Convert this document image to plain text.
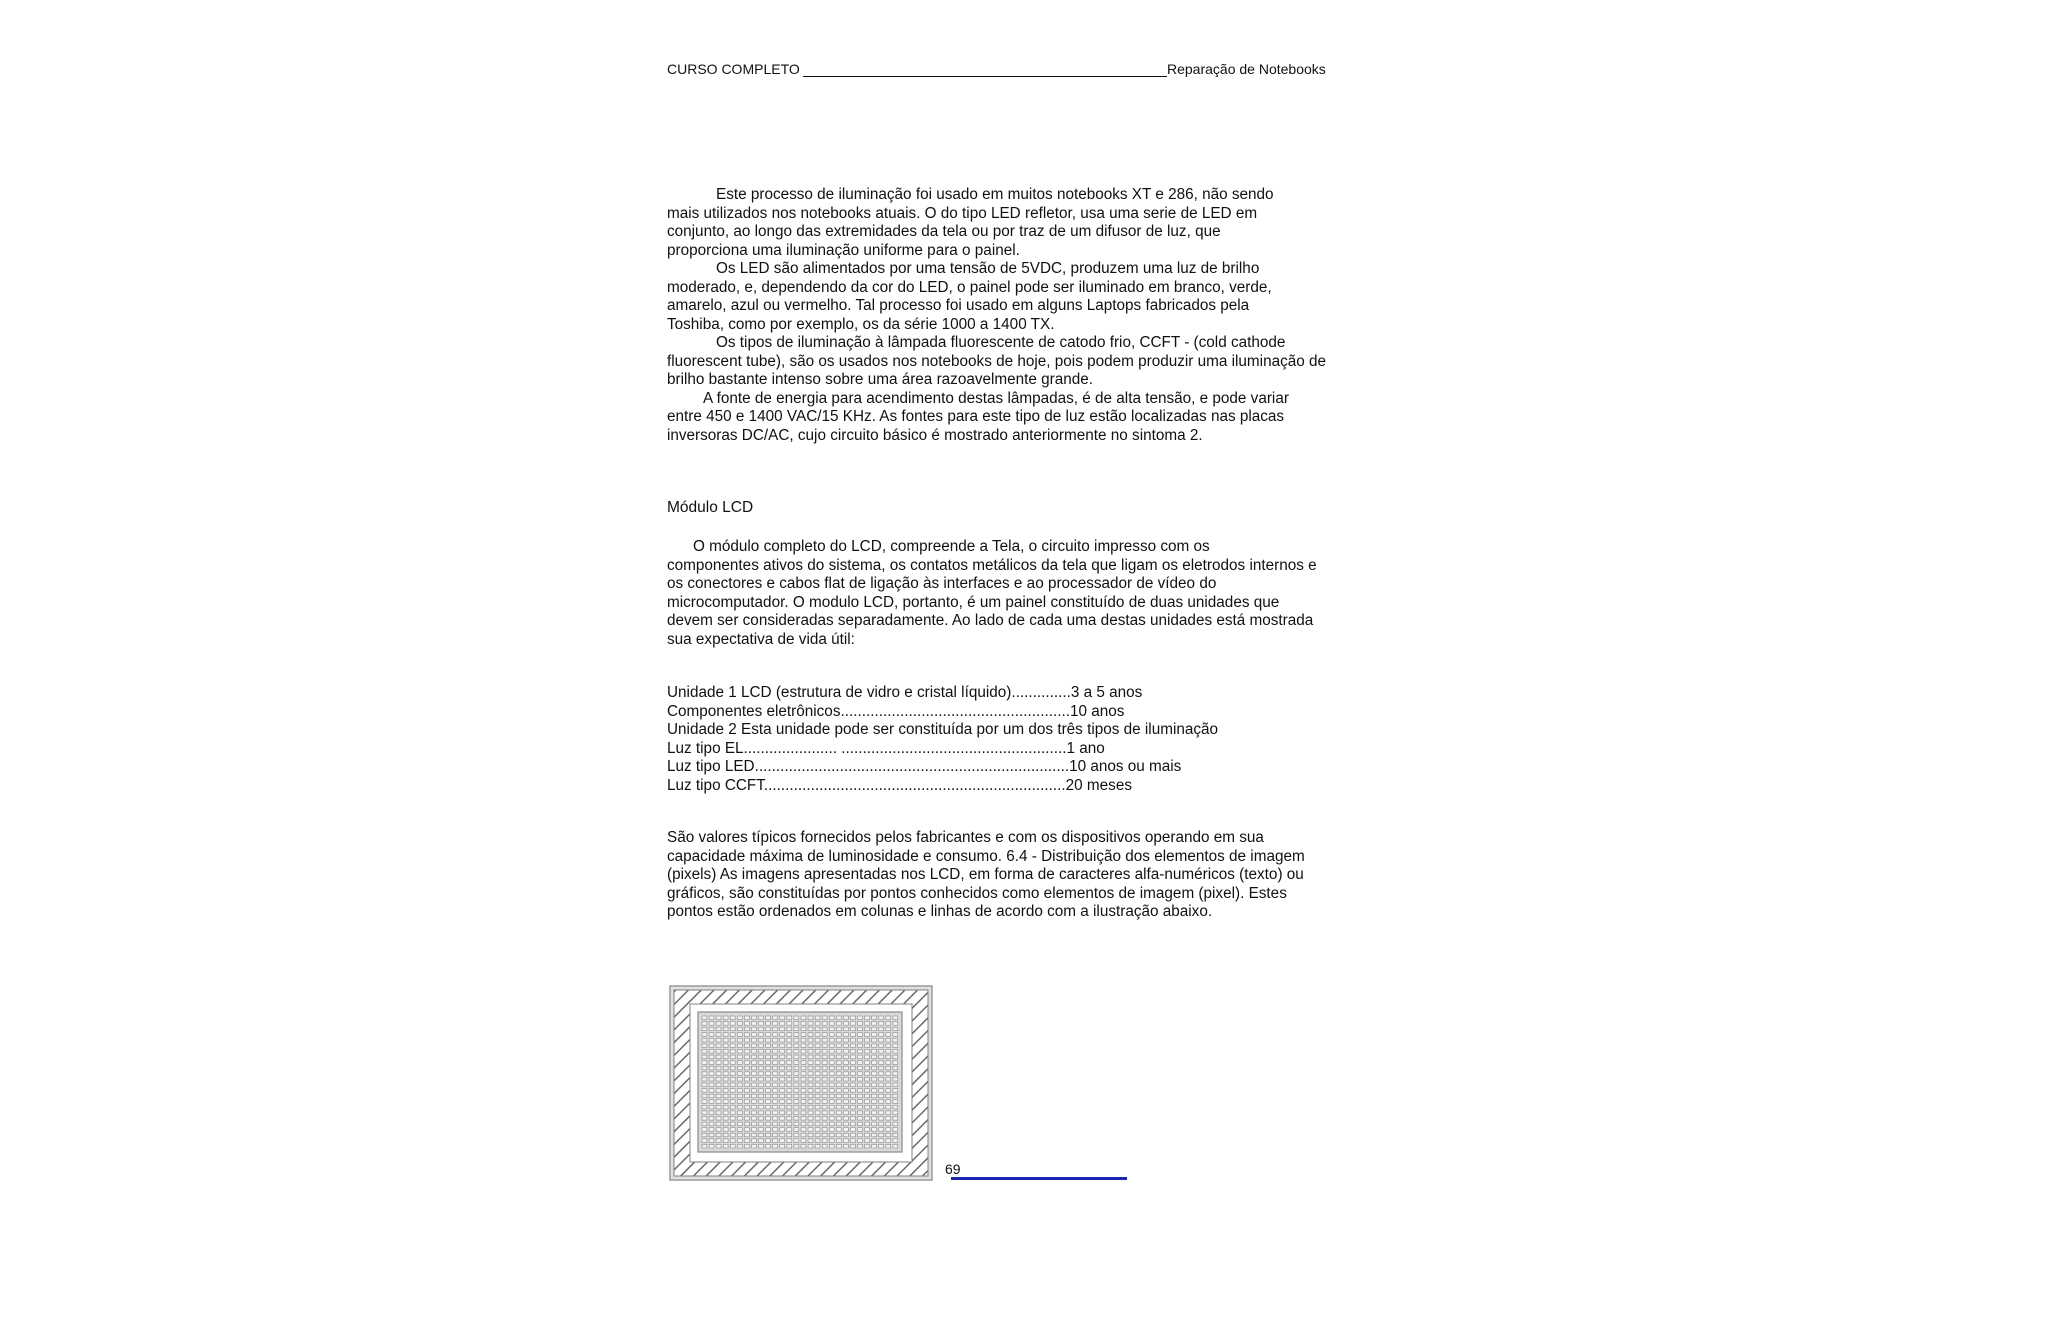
CURSO COMPLETO	Reparação de Notebooks
Este processo de iluminação foi usado em muitos notebooks XT e 286, não sendo
mais utilizados nos notebooks atuais. O do tipo LED refletor, usa uma serie de LED em
conjunto, ao longo das extremidades da tela ou por traz de um difusor de luz, que
proporciona uma iluminação uniforme para o painel.
Os LED são alimentados por uma tensão de 5VDC, produzem uma luz de brilho
moderado, e, dependendo da cor do LED, o painel pode ser iluminado em branco, verde,
amarelo, azul ou vermelho. Tal processo foi usado em alguns Laptops fabricados pela
Toshiba, como por exemplo, os da série 1000 a 1400 TX.
Os tipos de iluminação à lâmpada fluorescente de catodo frio, CCFT - (cold cathode
fluorescent tube), são os usados nos notebooks de hoje, pois podem produzir uma iluminação de
brilho bastante intenso sobre uma área razoavelmente grande.
A fonte de energia para acendimento destas lâmpadas, é de alta tensão, e pode variar
entre 450 e 1400 VAC/15 KHz. As fontes para este tipo de luz estão localizadas nas placas
inversoras DC/AC, cujo circuito básico é mostrado anteriormente no sintoma 2.
Módulo LCD
O módulo completo do LCD, compreende a Tela, o circuito impresso com os
componentes ativos do sistema, os contatos metálicos da tela que ligam os eletrodos internos e
os conectores e cabos flat de ligação às interfaces e ao processador de vídeo do
microcomputador. O modulo LCD, portanto, é um painel constituído de duas unidades que
devem ser consideradas separadamente. Ao lado de cada uma destas unidades está mostrada
sua expectativa de vida útil:
Unidade 1 LCD (estrutura de vidro e cristal líquido)..............3 a 5 anos
Componentes eletrônicos......................................................10 anos
Unidade 2 Esta unidade pode ser constituída por um dos três tipos de iluminação
Luz tipo EL...................... .....................................................1 ano
Luz tipo LED..........................................................................10 anos ou mais
Luz tipo CCFT.......................................................................20 meses
São valores típicos fornecidos pelos fabricantes e com os dispositivos operando em sua
capacidade máxima de luminosidade e consumo. 6.4 - Distribuição dos elementos de imagem
(pixels) As imagens apresentadas nos LCD, em forma de caracteres alfa-numéricos (texto) ou
gráficos, são constituídas por pontos conhecidos como elementos de imagem (pixel). Estes
pontos estão ordenados em colunas e linhas de acordo com a ilustração abaixo.
69
